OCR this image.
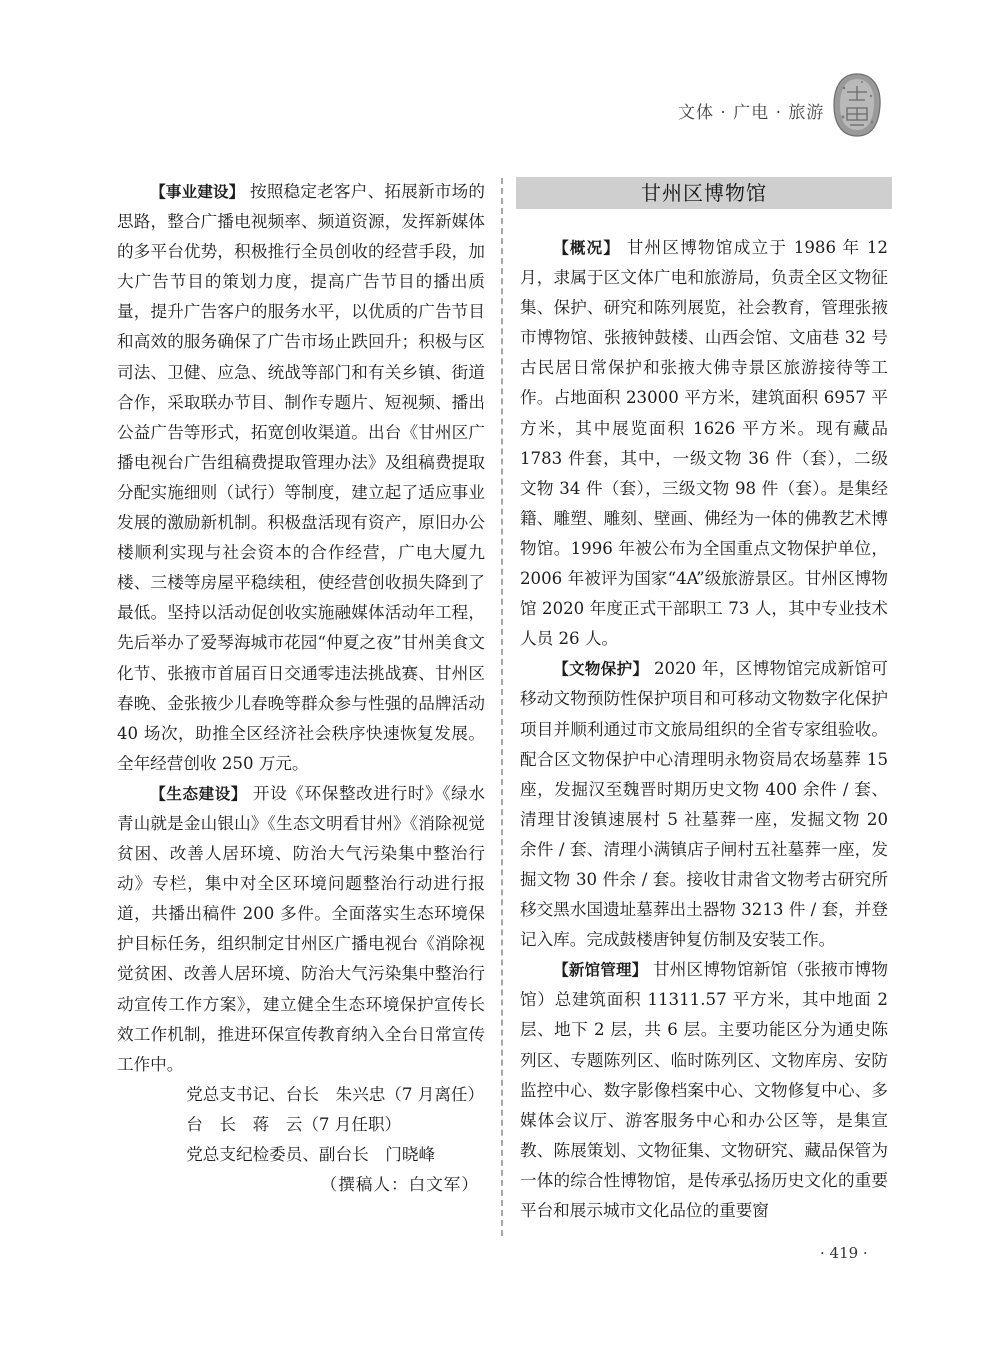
文体 · 广电 · 旅游

【事业建设】 按照稳定老客户、拓展新市场的思路，整合广播电视频率、频道资源，发挥新媒体的多平台优势，积极推行全员创收的经营手段，加大广告节目的策划力度，提高广告节目的播出质量，提升广告客户的服务水平，以优质的广告节目和高效的服务确保了广告市场止跌回升；积极与区司法、卫健、应急、统战等部门和有关乡镇、街道合作，采取联办节目、制作专题片、短视频、播出公益广告等形式，拓宽创收渠道。出台《甘州区广播电视台广告组稿费提取管理办法》及组稿费提取分配实施细则（试行）等制度，建立起了适应事业发展的激励新机制。积极盘活现有资产，原旧办公楼顺利实现与社会资本的合作经营，广电大厦九楼、三楼等房屋平稳续租，使经营创收损失降到了最低。坚持以活动促创收实施融媒体活动年工程，先后举办了爱琴海城市花园“仲夏之夜”甘州美食文化节、张掖市首届百日交通零违法挑战赛、甘州区春晚、金张掖少儿春晚等群众参与性强的品牌活动 40 场次，助推全区经济社会秩序快速恢复发展。全年经营创收 250 万元。

【生态建设】 开设《环保整改进行时》《绿水青山就是金山银山》《生态文明看甘州》《消除视觉贫困、改善人居环境、防治大气污染集中整治行动》专栏，集中对全区环境问题整治行动进行报道，共播出稿件 200 多件。全面落实生态环境保护目标任务，组织制定甘州区广播电视台《消除视觉贫困、改善人居环境、防治大气污染集中整治行动宣传工作方案》，建立健全生态环境保护宣传长效工作机制，推进环保宣传教育纳入全台日常宣传工作中。

党总支书记、台长　朱兴忠（7 月离任）

台　长　蒋　云（7 月任职）

党总支纪检委员、副台长　门晓峰

（撰稿人：白文军）

甘州区博物馆

【概况】 甘州区博物馆成立于 1986 年 12 月，隶属于区文体广电和旅游局，负责全区文物征集、保护、研究和陈列展览，社会教育，管理张掖市博物馆、张掖钟鼓楼、山西会馆、文庙巷 32 号古民居日常保护和张掖大佛寺景区旅游接待等工作。占地面积 23000 平方米，建筑面积 6957 平方米，其中展览面积 1626 平方米。现有藏品 1783 件套，其中，一级文物 36 件（套），二级文物 34 件（套），三级文物 98 件（套）。是集经籍、雕塑、雕刻、壁画、佛经为一体的佛教艺术博物馆。1996 年被公布为全国重点文物保护单位，2006 年被评为国家“4A”级旅游景区。甘州区博物馆 2020 年度正式干部职工 73 人，其中专业技术人员 26 人。

【文物保护】 2020 年，区博物馆完成新馆可移动文物预防性保护项目和可移动文物数字化保护项目并顺利通过市文旅局组织的全省专家组验收。配合区文物保护中心清理明永物资局农场墓葬 15 座，发掘汉至魏晋时期历史文物 400 余件 / 套、清理甘浚镇速展村 5 社墓葬一座，发掘文物 20 余件 / 套、清理小满镇店子闸村五社墓葬一座，发掘文物 30 件余 / 套。接收甘肃省文物考古研究所移交黑水国遗址墓葬出土器物 3213 件 / 套，并登记入库。完成鼓楼唐钟复仿制及安装工作。

【新馆管理】 甘州区博物馆新馆（张掖市博物馆）总建筑面积 11311.57 平方米，其中地面 2 层、地下 2 层，共 6 层。主要功能区分为通史陈列区、专题陈列区、临时陈列区、文物库房、安防监控中心、数字影像档案中心、文物修复中心、多媒体会议厅、游客服务中心和办公区等，是集宣教、陈展策划、文物征集、文物研究、藏品保管为一体的综合性博物馆，是传承弘扬历史文化的重要平台和展示城市文化品位的重要窗

· 419 ·
